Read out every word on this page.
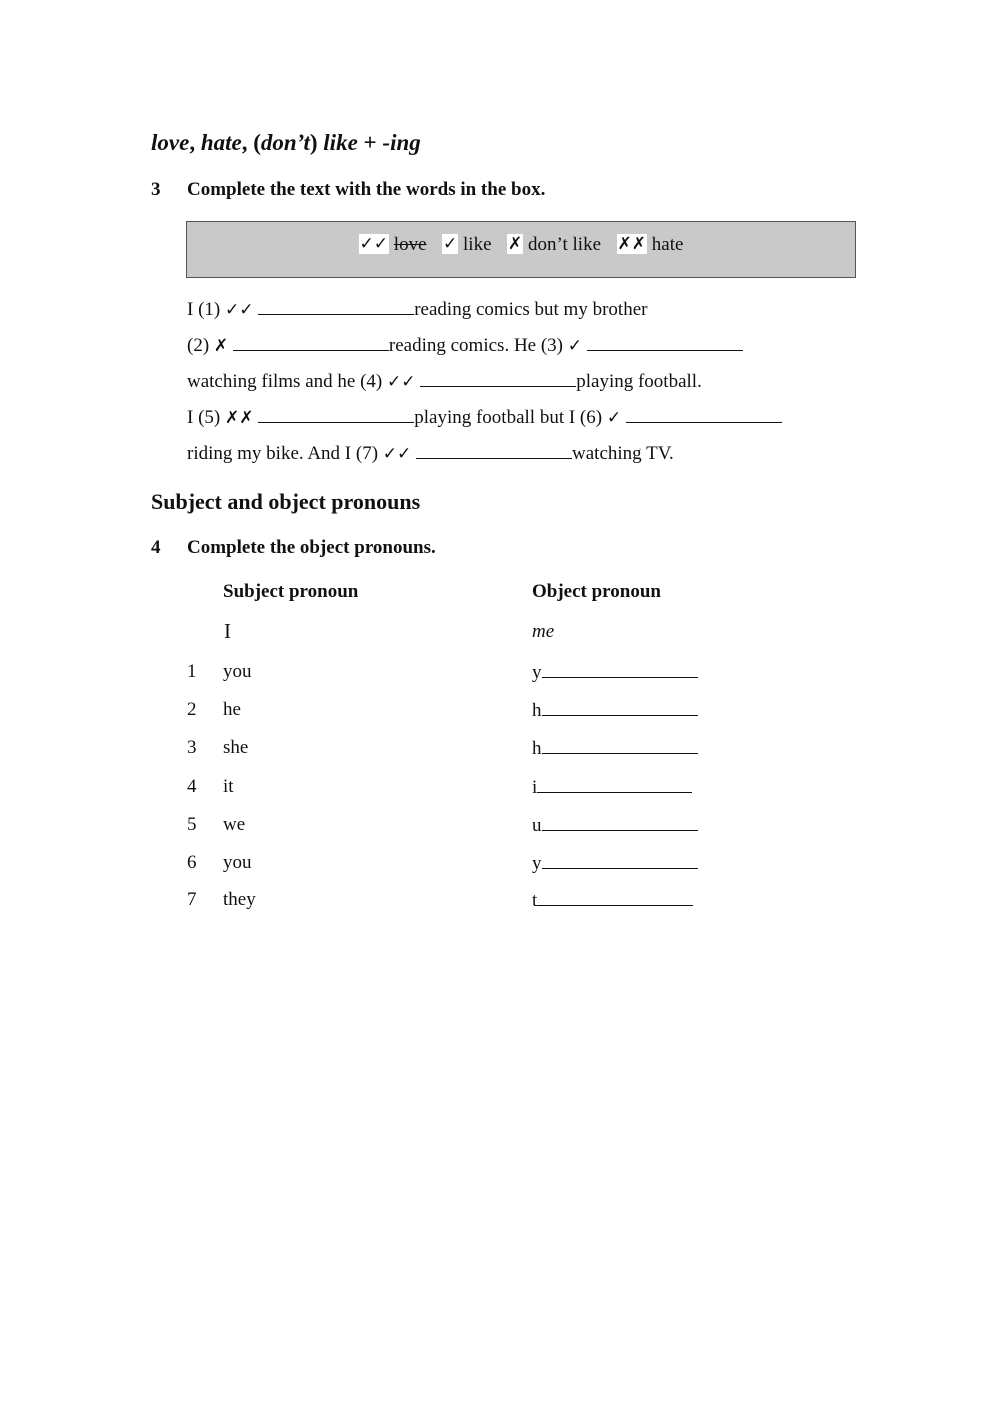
love, hate, (don’t) like + -ing
3 Complete the text with the words in the box.
✓✓ love ✓ like ✗ don’t like ✗✗ hate
I (1) ✓✓	reading comics but my brother
(2) ✗	reading comics. He (3) ✓
watching films and he (4) ✓✓	playing football.
I (5) ✗✗	playing football but I (6) ✓
riding my bike. And I (7) ✓✓	watching TV.
Subject and object pronouns
4 Complete the object pronouns.
Subject pronoun	Object pronoun
I	me
1 you	y
2 he	h
3 she	h
4 it	i
5 we	u
6 you	y
7 they	t
